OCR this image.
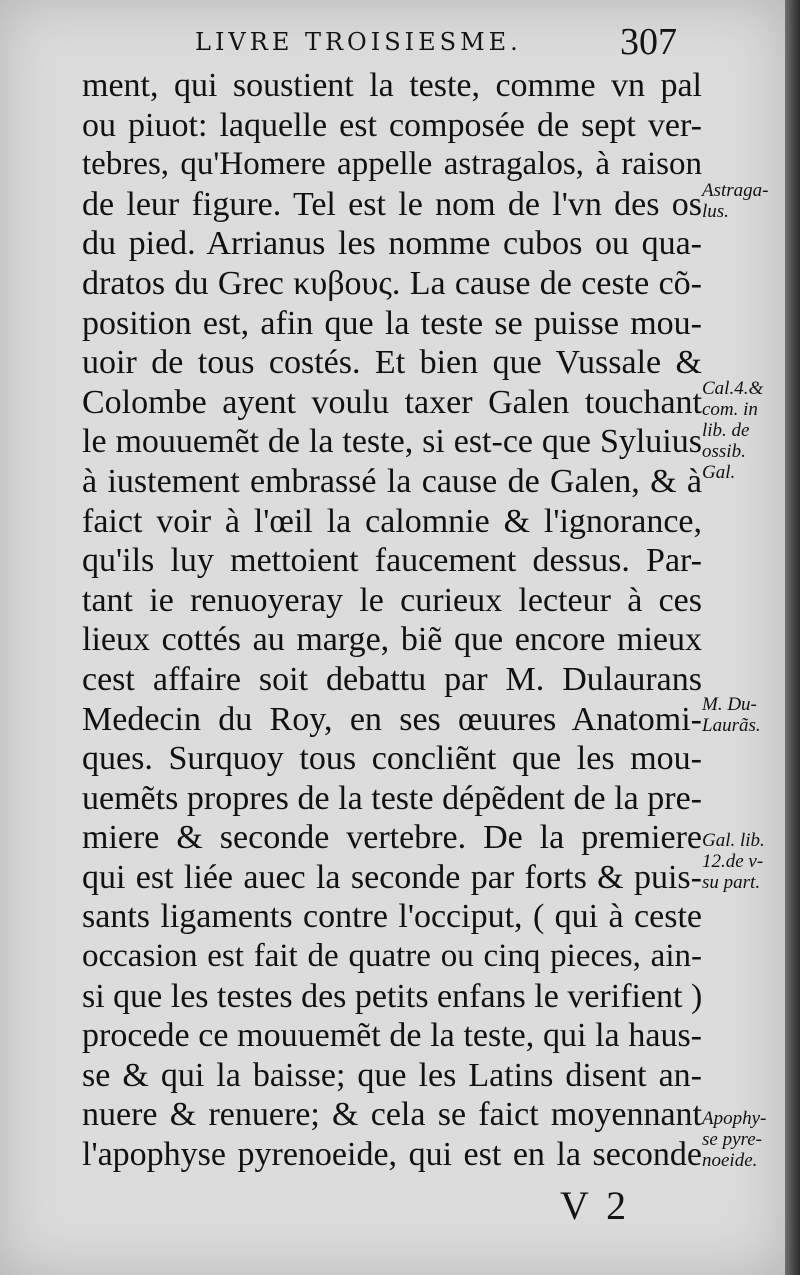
LIVRE TROISIESME.	307
ment, qui soustient la teste, comme vn pal
ou piuot: laquelle est composée de sept ver-
tebres, qu'Homere appelle astragalos, à raison
de leur figure. Tel est le nom de l'vn des os
du pied. Arrianus les nomme cubos ou qua-
dratos du Grec κυβους. La cause de ceste cõ-
position est, afin que la teste se puisse mou-
uoir de tous costés. Et bien que Vussale &
Colombe ayent voulu taxer Galen touchant
le mouuemẽt de la teste, si est-ce que Syluius
à iustement embrassé la cause de Galen, & à
faict voir à l'œil la calomnie & l'ignorance,
qu'ils luy mettoient faucement dessus. Par-
tant ie renuoyeray le curieux lecteur à ces
lieux cottés au marge, biẽ que encore mieux
cest affaire soit debattu par M. Dulaurans
Medecin du Roy, en ses œuures Anatomi-
ques. Surquoy tous concliẽnt que les mou-
uemẽts propres de la teste dépẽdent de la pre-
miere & seconde vertebre. De la premiere
qui est liée auec la seconde par forts & puis-
sants ligaments contre l'occiput, ( qui à ceste
occasion est fait de quatre ou cinq pieces, ain-
si que les testes des petits enfans le verifient )
procede ce mouuemẽt de la teste, qui la haus-
se & qui la baisse; que les Latins disent an-
nuere & renuere; & cela se faict moyennant
l'apophyse pyrenoeide, qui est en la seconde
Astraga-
lus.
Cal.4.&
com. in
lib. de
ossib.
Gal.
M. Du-
Laurãs.
Gal. lib.
12.de v-
su part.
Apophy-
se pyre-
noeide.
V 2
